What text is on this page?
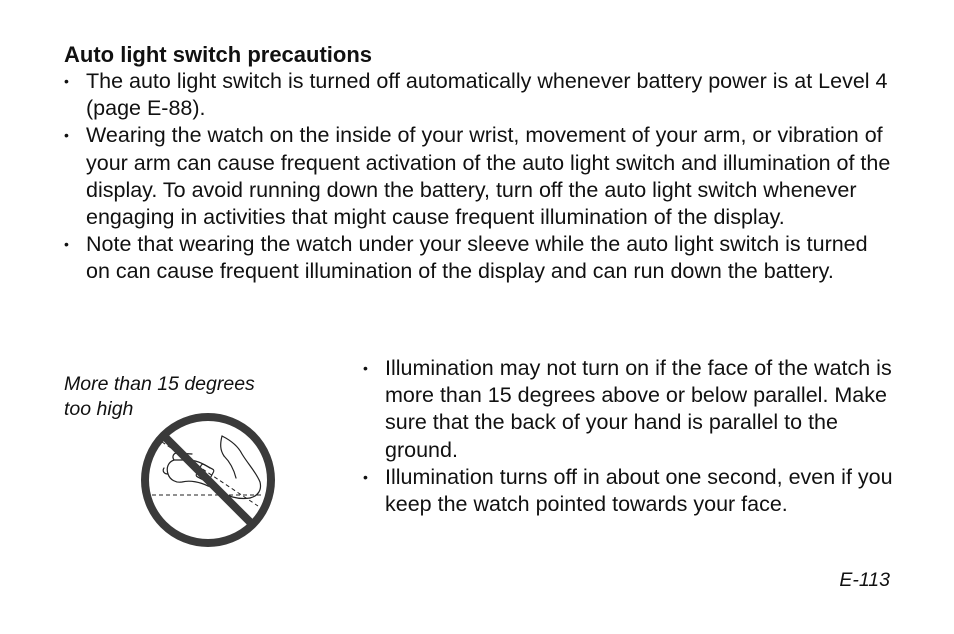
Auto light switch precautions
• The auto light switch is turned off automatically whenever battery power is at Level 4 (page E-88).
• Wearing the watch on the inside of your wrist, movement of your arm, or vibration of your arm can cause frequent activation of the auto light switch and illumination of the display. To avoid running down the battery, turn off the auto light switch whenever engaging in activities that might cause frequent illumination of the display.
• Note that wearing the watch under your sleeve while the auto light switch is turned on can cause frequent illumination of the display and can run down the battery.
More than 15 degrees
too high
• Illumination may not turn on if the face of the watch is more than 15 degrees above or below parallel. Make sure that the back of your hand is parallel to the ground.
• Illumination turns off in about one second, even if you keep the watch pointed towards your face.
E-113
